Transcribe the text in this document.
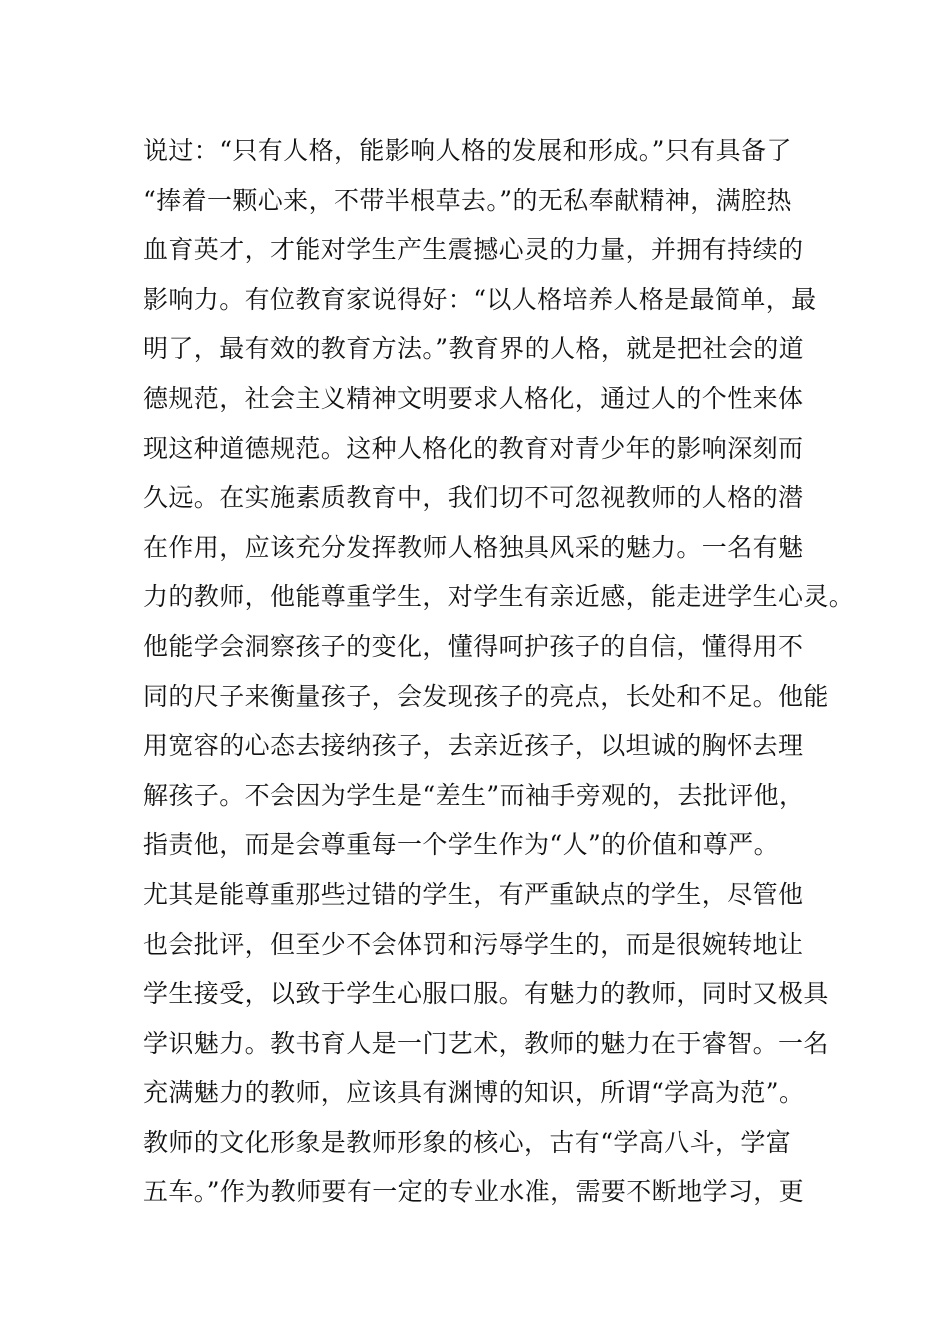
说过：“只有人格，能影响人格的发展和形成。”只有具备了
“捧着一颗心来，不带半根草去。”的无私奉献精神，满腔热
血育英才，才能对学生产生震撼心灵的力量，并拥有持续的
影响力。有位教育家说得好：“以人格培养人格是最简单，最
明了，最有效的教育方法。”教育界的人格，就是把社会的道
德规范，社会主义精神文明要求人格化，通过人的个性来体
现这种道德规范。这种人格化的教育对青少年的影响深刻而
久远。在实施素质教育中，我们切不可忽视教师的人格的潜
在作用，应该充分发挥教师人格独具风采的魅力。一名有魅
力的教师，他能尊重学生，对学生有亲近感，能走进学生心灵。
他能学会洞察孩子的变化，懂得呵护孩子的自信，懂得用不
同的尺子来衡量孩子，会发现孩子的亮点，长处和不足。他能
用宽容的心态去接纳孩子，去亲近孩子，以坦诚的胸怀去理
解孩子。不会因为学生是“差生”而袖手旁观的，去批评他，
指责他，而是会尊重每一个学生作为“人”的价值和尊严。
尤其是能尊重那些过错的学生，有严重缺点的学生，尽管他
也会批评，但至少不会体罚和污辱学生的，而是很婉转地让
学生接受，以致于学生心服口服。有魅力的教师，同时又极具
学识魅力。教书育人是一门艺术，教师的魅力在于睿智。一名
充满魅力的教师，应该具有渊博的知识，所谓“学高为范”。
教师的文化形象是教师形象的核心，古有“学高八斗，学富
五车。”作为教师要有一定的专业水准，需要不断地学习，更
